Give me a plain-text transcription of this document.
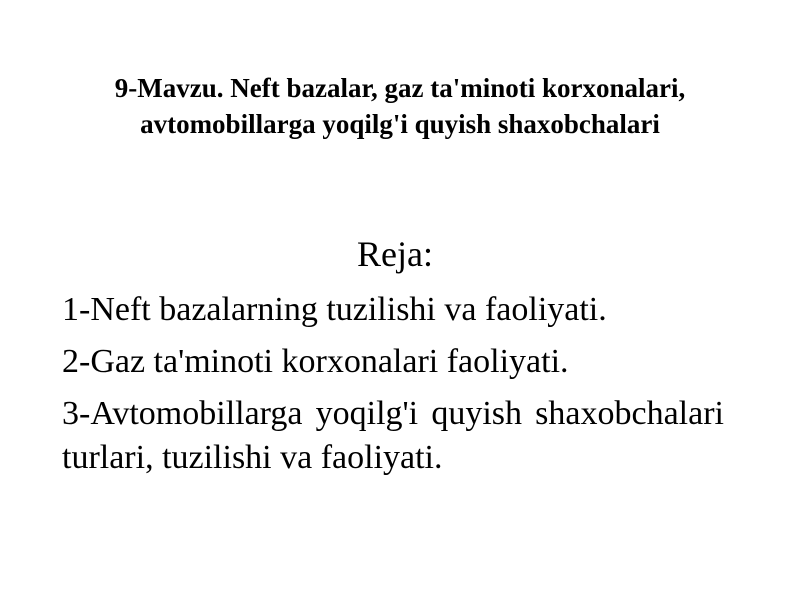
9-Mavzu. Neft bazalar, gaz ta'minoti korxonalari,
avtomobillarga yoqilg'i quyish shaxobchalari
Reja:
1-Neft bazalarning tuzilishi va faoliyati.
2-Gaz ta'minoti korxonalari faoliyati.
3-Avtomobillarga yoqilg'i quyish shaxobchalari turlari, tuzilishi va faoliyati.
